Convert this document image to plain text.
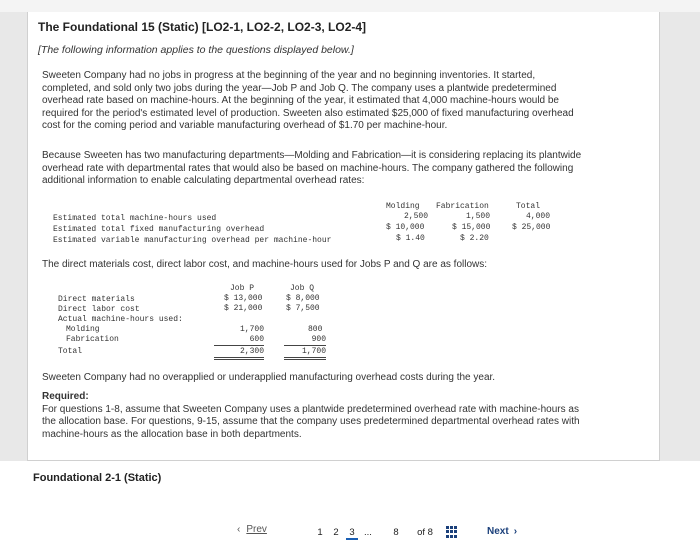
The Foundational 15 (Static) [LO2-1, LO2-2, LO2-3, LO2-4]
[The following information applies to the questions displayed below.]
Sweeten Company had no jobs in progress at the beginning of the year and no beginning inventories. It started,
completed, and sold only two jobs during the year—Job P and Job Q. The company uses a plantwide predetermined
overhead rate based on machine-hours. At the beginning of the year, it estimated that 4,000 machine-hours would be
required for the period's estimated level of production. Sweeten also estimated $25,000 of fixed manufacturing overhead
cost for the coming period and variable manufacturing overhead of $1.70 per machine-hour.
Because Sweeten has two manufacturing departments—Molding and Fabrication—it is considering replacing its plantwide
overhead rate with departmental rates that would also be based on machine-hours. The company gathered the following
additional information to enable calculating departmental overhead rates:
Molding Fabrication	Total
Estimated total machine-hours used	2,500	1,500	4,000
Estimated total fixed manufacturing overhead	$ 10,000	$ 15,000	$ 25,000
Estimated variable manufacturing overhead per machine-hour	$ 1.40	$ 2.20
The direct materials cost, direct labor cost, and machine-hours used for Jobs P and Q are as follows:
Job P	Job Q
Direct materials	$ 13,000	$ 8,000
Direct labor cost	$ 21,000	$ 7,500
Actual machine-hours used:
Molding	1,700	800
Fabrication	600	900
Total	2,300	1,700
Sweeten Company had no overapplied or underapplied manufacturing overhead costs during the year.
Required:
For questions 1-8, assume that Sweeten Company uses a plantwide predetermined overhead rate with machine-hours as
the allocation base. For questions, 9-15, assume that the company uses predetermined departmental overhead rates with
machine-hours as the allocation base in both departments.
Foundational 2-1 (Static)
‹ Prev	1	2	3 ...	8	of 8	Next ›
